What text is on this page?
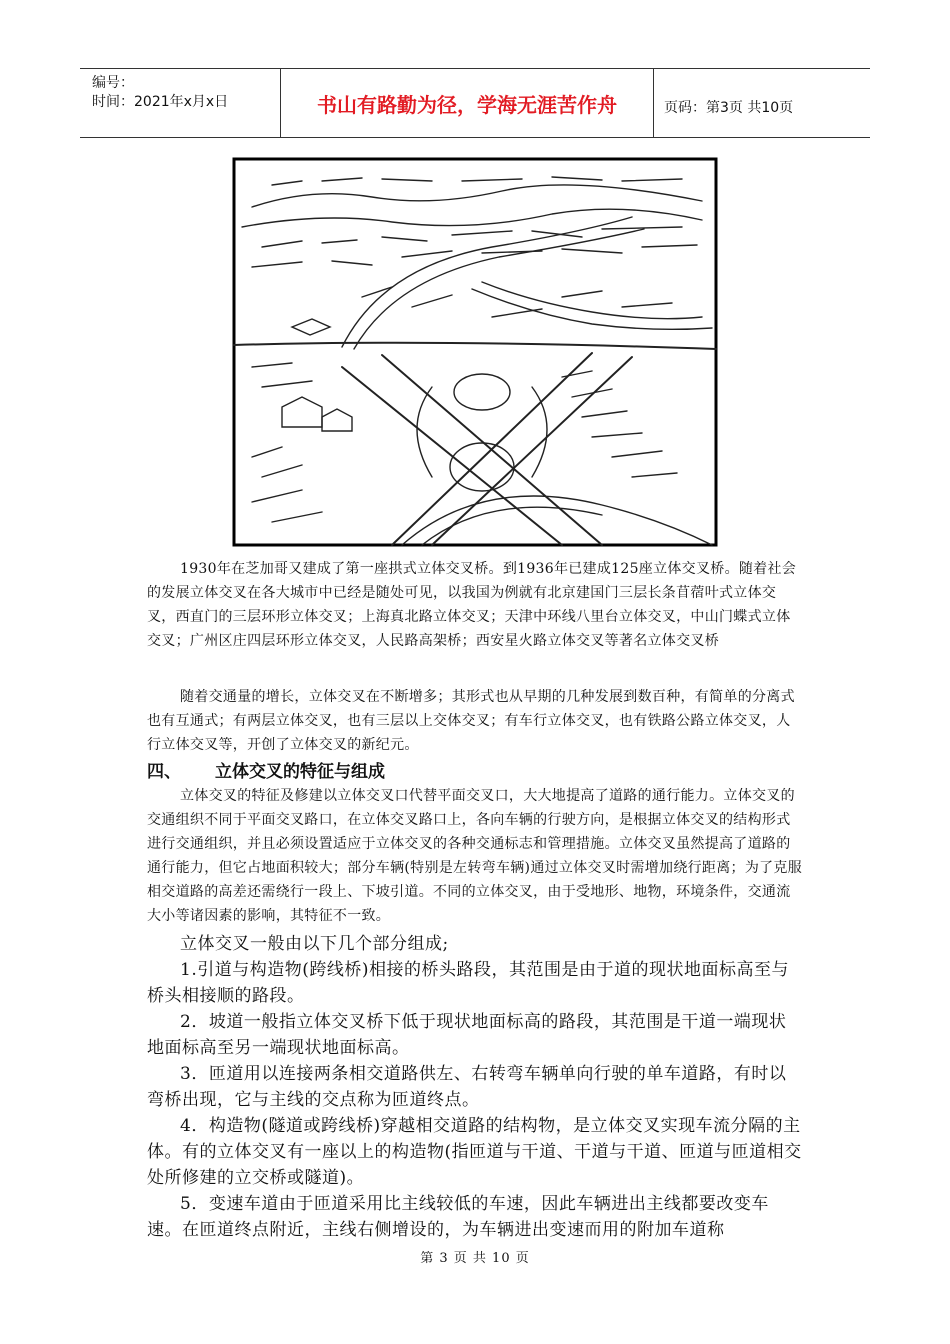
编号：
时间：2021年x月x日	书山有路勤为径，学海无涯苦作舟	页码：第3页 共10页
1930年在芝加哥又建成了第一座拱式立体交叉桥。到1936年已建成125座立体交叉桥。随着社会的发展立体交叉在各大城市中已经是随处可见，以我国为例就有北京建国门三层长条苜蓿叶式立体交叉，西直门的三层环形立体交叉；上海真北路立体交叉；天津中环线八里台立体交叉，中山门蝶式立体交叉；广州区庄四层环形立体交叉，人民路高架桥；西安星火路立体交叉等著名立体交叉桥
随着交通量的增长，立体交叉在不断增多；其形式也从早期的几种发展到数百种，有简单的分离式也有互通式；有两层立体交叉，也有三层以上交体交叉；有车行立体交叉，也有铁路公路立体交叉，人行立体交叉等，开创了立体交叉的新纪元。
四、 立体交叉的特征与组成
立体交叉的特征及修建以立体交叉口代替平面交叉口，大大地提高了道路的通行能力。立体交叉的交通组织不同于平面交叉路口，在立体交叉路口上，各向车辆的行驶方向，是根据立体交叉的结构形式进行交通组织，并且必须设置适应于立体交叉的各种交通标志和管理措施。立体交叉虽然提高了道路的通行能力，但它占地面积较大；部分车辆(特别是左转弯车辆)通过立体交叉时需增加绕行距离；为了克服相交道路的高差还需绕行一段上、下坡引道。不同的立体交叉，由于受地形、地物，环境条件，交通流大小等诸因素的影响，其特征不一致。
立体交叉一般由以下几个部分组成;
1.引道与构造物(跨线桥)相接的桥头路段，其范围是由于道的现状地面标高至与桥头相接顺的路段。
2．坡道一般指立体交叉桥下低于现状地面标高的路段，其范围是干道一端现状地面标高至另一端现状地面标高。
3．匝道用以连接两条相交道路供左、右转弯车辆单向行驶的单车道路，有时以弯桥出现，它与主线的交点称为匝道终点。
4．构造物(隧道或跨线桥)穿越相交道路的结构物，是立体交叉实现车流分隔的主体。有的立体交叉有一座以上的构造物(指匝道与干道、干道与干道、匝道与匝道相交处所修建的立交桥或隧道)。
5．变速车道由于匝道采用比主线较低的车速，因此车辆进出主线都要改变车速。在匝道终点附近，主线右侧增设的，为车辆进出变速而用的附加车道称
第 3 页 共 10 页
